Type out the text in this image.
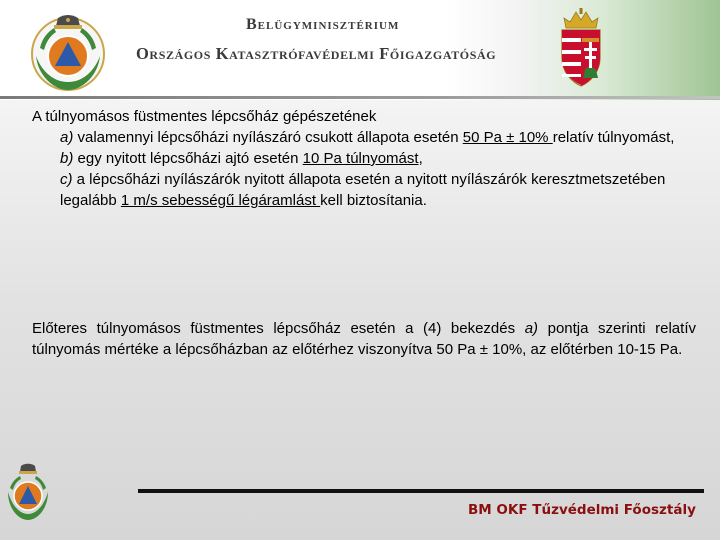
Belügyminisztérium

Országos Katasztrófavédelmi Főigazgatóság

A túlnyomásos füstmentes lépcsőház gépészetének

a) valamennyi lépcsőházi nyílászáró csukott állapota esetén 50 Pa ± 10% relatív túlnyomást,

b) egy nyitott lépcsőházi ajtó esetén 10 Pa túlnyomást,

c) a lépcsőházi nyílászárók nyitott állapota esetén a nyitott nyílászárók keresztmetszetében legalább 1 m/s sebességű légáramlást kell biztosítania.

Előteres túlnyomásos füstmentes lépcsőház esetén a (4) bekezdés a) pontja szerinti relatív túlnyomás mértéke a lépcsőházban az előtérhez viszonyítva 50 Pa ± 10%, az előtérben 10-15 Pa.

BM OKF Tűzvédelmi Főosztály
